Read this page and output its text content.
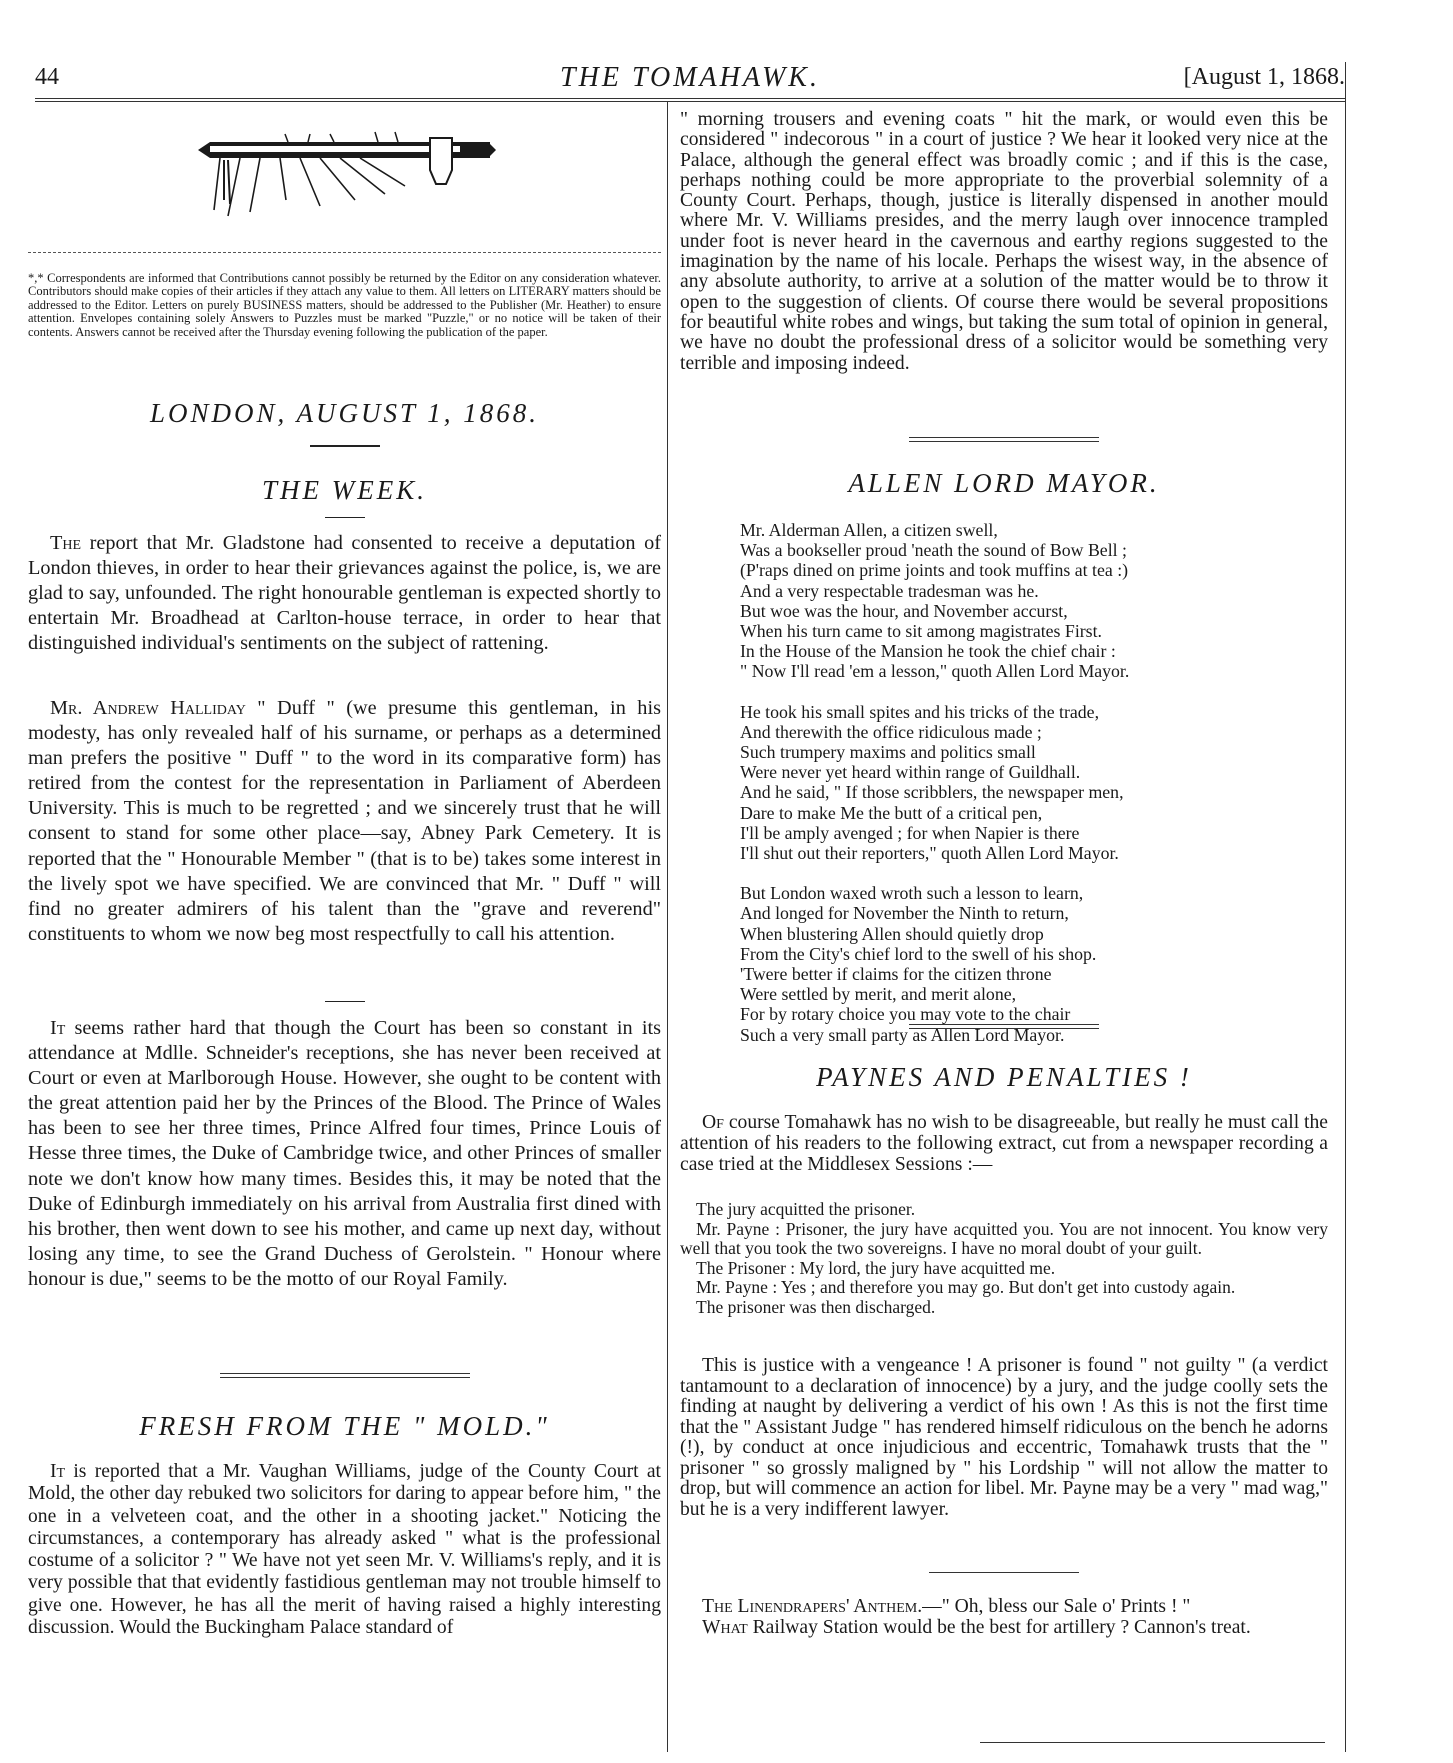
44	THE TOMAHAWK.	[August 1, 1868.

*,* Correspondents are informed that Contributions cannot possibly be returned by the Editor on any consideration whatever. Contributors should make copies of their articles if they attach any value to them. All letters on LITERARY matters should be addressed to the Editor. Letters on purely BUSINESS matters, should be addressed to the Publisher (Mr. Heather) to ensure attention. Envelopes containing solely Answers to Puzzles must be marked "Puzzle," or no notice will be taken of their contents. Answers cannot be received after the Thursday evening following the publication of the paper.

LONDON, AUGUST 1, 1868.

THE WEEK.

The report that Mr. Gladstone had consented to receive a deputation of London thieves, in order to hear their grievances against the police, is, we are glad to say, unfounded. The right honourable gentleman is expected shortly to entertain Mr. Broadhead at Carlton-house terrace, in order to hear that distinguished individual's sentiments on the subject of rattening.

Mr. Andrew Halliday " Duff " (we presume this gentleman, in his modesty, has only revealed half of his surname, or perhaps as a determined man prefers the positive " Duff " to the word in its comparative form) has retired from the contest for the representation in Parliament of Aberdeen University. This is much to be regretted ; and we sincerely trust that he will consent to stand for some other place—say, Abney Park Cemetery. It is reported that the " Honourable Member " (that is to be) takes some interest in the lively spot we have specified. We are convinced that Mr. " Duff " will find no greater admirers of his talent than the "grave and reverend" constituents to whom we now beg most respectfully to call his attention.

It seems rather hard that though the Court has been so constant in its attendance at Mdlle. Schneider's receptions, she has never been received at Court or even at Marlborough House. However, she ought to be content with the great attention paid her by the Princes of the Blood. The Prince of Wales has been to see her three times, Prince Alfred four times, Prince Louis of Hesse three times, the Duke of Cambridge twice, and other Princes of smaller note we don't know how many times. Besides this, it may be noted that the Duke of Edinburgh immediately on his arrival from Australia first dined with his brother, then went down to see his mother, and came up next day, without losing any time, to see the Grand Duchess of Gerolstein. " Honour where honour is due," seems to be the motto of our Royal Family.

FRESH FROM THE " MOLD."

It is reported that a Mr. Vaughan Williams, judge of the County Court at Mold, the other day rebuked two solicitors for daring to appear before him, " the one in a velveteen coat, and the other in a shooting jacket." Noticing the circumstances, a contemporary has already asked " what is the professional costume of a solicitor ? " We have not yet seen Mr. V. Williams's reply, and it is very possible that that evidently fastidious gentleman may not trouble himself to give one. However, he has all the merit of having raised a highly interesting discussion. Would the Buckingham Palace standard of

" morning trousers and evening coats " hit the mark, or would even this be considered " indecorous " in a court of justice ? We hear it looked very nice at the Palace, although the general effect was broadly comic ; and if this is the case, perhaps nothing could be more appropriate to the proverbial solemnity of a County Court. Perhaps, though, justice is literally dispensed in another mould where Mr. V. Williams presides, and the merry laugh over innocence trampled under foot is never heard in the cavernous and earthy regions suggested to the imagination by the name of his locale. Perhaps the wisest way, in the absence of any absolute authority, to arrive at a solution of the matter would be to throw it open to the suggestion of clients. Of course there would be several propositions for beautiful white robes and wings, but taking the sum total of opinion in general, we have no doubt the professional dress of a solicitor would be something very terrible and imposing indeed.

ALLEN LORD MAYOR.

Mr. Alderman Allen, a citizen swell,
Was a bookseller proud 'neath the sound of Bow Bell ;
(P'raps dined on prime joints and took muffins at tea :)
And a very respectable tradesman was he.
But woe was the hour, and November accurst,
When his turn came to sit among magistrates First.
In the House of the Mansion he took the chief chair :
" Now I'll read 'em a lesson," quoth Allen Lord Mayor.
He took his small spites and his tricks of the trade,
And therewith the office ridiculous made ;
Such trumpery maxims and politics small
Were never yet heard within range of Guildhall.
And he said, " If those scribblers, the newspaper men,
Dare to make Me the butt of a critical pen,
I'll be amply avenged ; for when Napier is there
I'll shut out their reporters," quoth Allen Lord Mayor.
But London waxed wroth such a lesson to learn,
And longed for November the Ninth to return,
When blustering Allen should quietly drop
From the City's chief lord to the swell of his shop.
'Twere better if claims for the citizen throne
Were settled by merit, and merit alone,
For by rotary choice you may vote to the chair
Such a very small party as Allen Lord Mayor.

PAYNES AND PENALTIES !

Of course Tomahawk has no wish to be disagreeable, but really he must call the attention of his readers to the following extract, cut from a newspaper recording a case tried at the Middlesex Sessions :—

The jury acquitted the prisoner.

Mr. Payne : Prisoner, the jury have acquitted you. You are not innocent. You know very well that you took the two sovereigns. I have no moral doubt of your guilt.

The Prisoner : My lord, the jury have acquitted me.

Mr. Payne : Yes ; and therefore you may go. But don't get into custody again.

The prisoner was then discharged.

This is justice with a vengeance ! A prisoner is found " not guilty " (a verdict tantamount to a declaration of innocence) by a jury, and the judge coolly sets the finding at naught by delivering a verdict of his own ! As this is not the first time that the " Assistant Judge " has rendered himself ridiculous on the bench he adorns (!), by conduct at once injudicious and eccentric, Tomahawk trusts that the " prisoner " so grossly maligned by " his Lordship " will not allow the matter to drop, but will commence an action for libel. Mr. Payne may be a very " mad wag," but he is a very indifferent lawyer.

The Linendrapers' Anthem.—" Oh, bless our Sale o' Prints ! "

What Railway Station would be the best for artillery ? Cannon's treat.
